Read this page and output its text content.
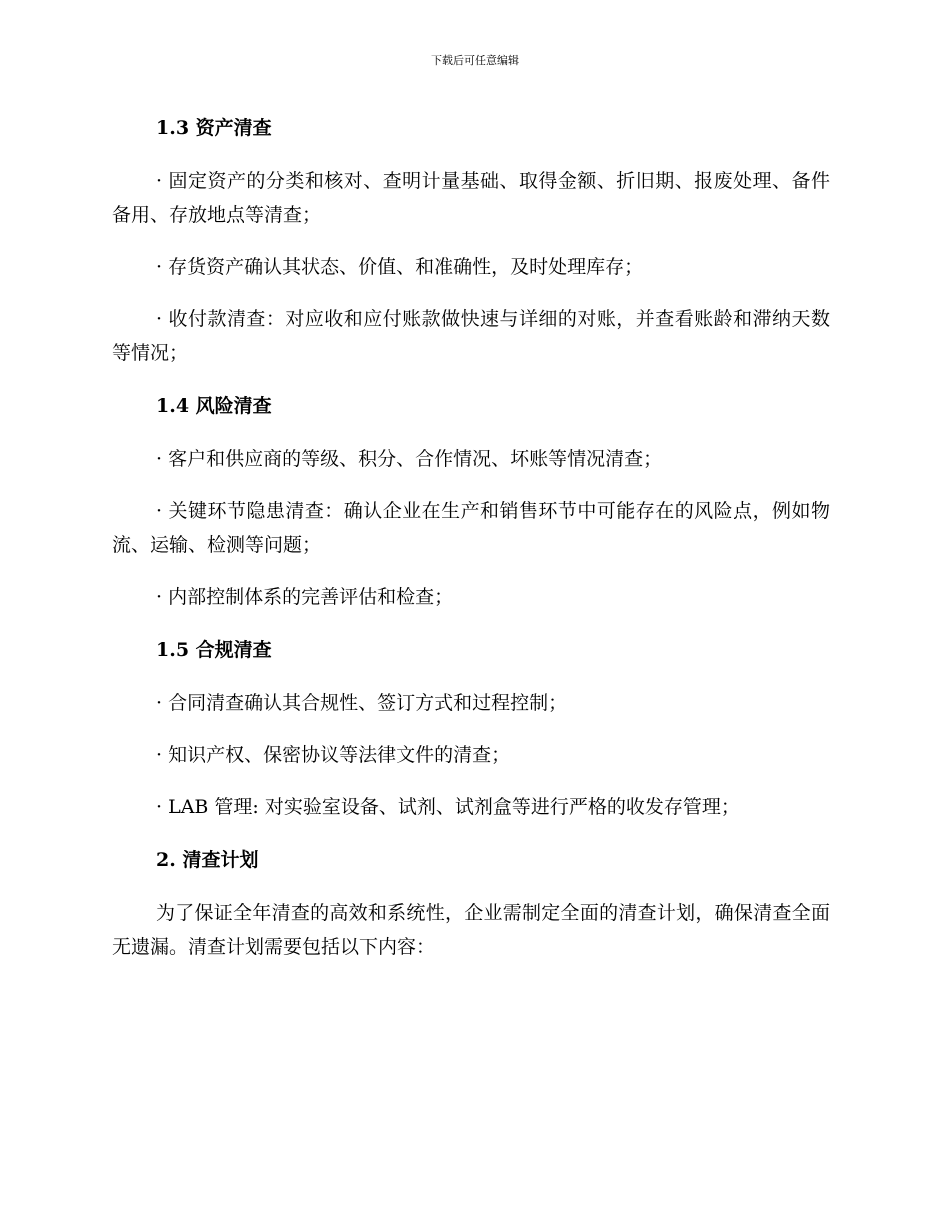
下载后可任意编辑
1.3 资产清查

· 固定资产的分类和核对、查明计量基础、取得金额、折旧期、报废处理、备件备用、存放地点等清查；

· 存货资产确认其状态、价值、和准确性，及时处理库存；

· 收付款清查：对应收和应付账款做快速与详细的对账，并查看账龄和滞纳天数等情况；

1.4 风险清查

· 客户和供应商的等级、积分、合作情况、坏账等情况清查；

· 关键环节隐患清查：确认企业在生产和销售环节中可能存在的风险点，例如物流、运输、检测等问题；

· 内部控制体系的完善评估和检查；

1.5 合规清查

· 合同清查确认其合规性、签订方式和过程控制；

· 知识产权、保密协议等法律文件的清查；

· LAB 管理: 对实验室设备、试剂、试剂盒等进行严格的收发存管理；

2. 清查计划

为了保证全年清查的高效和系统性，企业需制定全面的清查计划，确保清查全面无遗漏。清查计划需要包括以下内容：
